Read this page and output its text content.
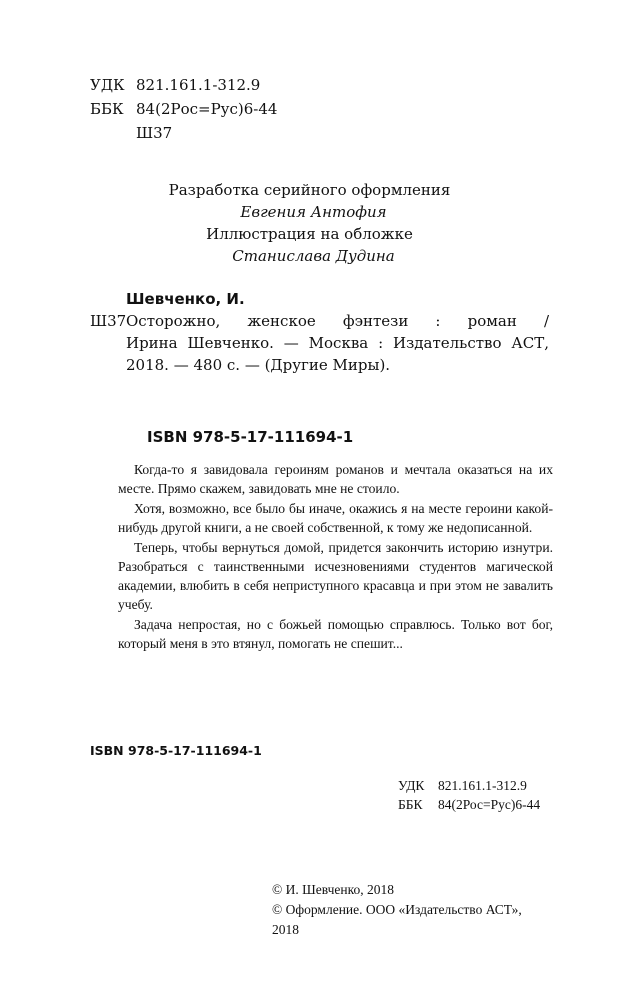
УДК 821.161.1-312.9
ББК 84(2Рос=Рус)6-44
Ш37
Разработка серийного оформления
Евгения Антофия
Иллюстрация на обложке
Станислава Дудина
Шевченко, И.
Ш37 Осторожно, женское фэнтези : роман /
Ирина Шевченко. — Москва : Издательство АСТ,
2018. — 480 с. — (Другие Миры).
ISBN 978-5-17-111694-1

Когда-то я завидовала героиням романов и мечтала оказаться на их месте. Прямо скажем, завидовать мне не стоило.

Хотя, возможно, все было бы иначе, окажись я на месте героини какой-нибудь другой книги, а не своей собственной, к тому же недописанной.

Теперь, чтобы вернуться домой, придется закончить историю изнутри. Разобраться с таинственными исчезновениями студентов магической академии, влюбить в себя неприступного красавца и при этом не завалить учебу.

Задача непростая, но с божьей помощью справлюсь. Только вот бог, который меня в это втянул, помогать не спешит...

ISBN 978-5-17-111694-1
УДК	821.161.1-312.9
ББК	84(2Рос=Рус)6-44
© И. Шевченко, 2018
© Оформление. ООО «Издательство АСТ»,
2018
